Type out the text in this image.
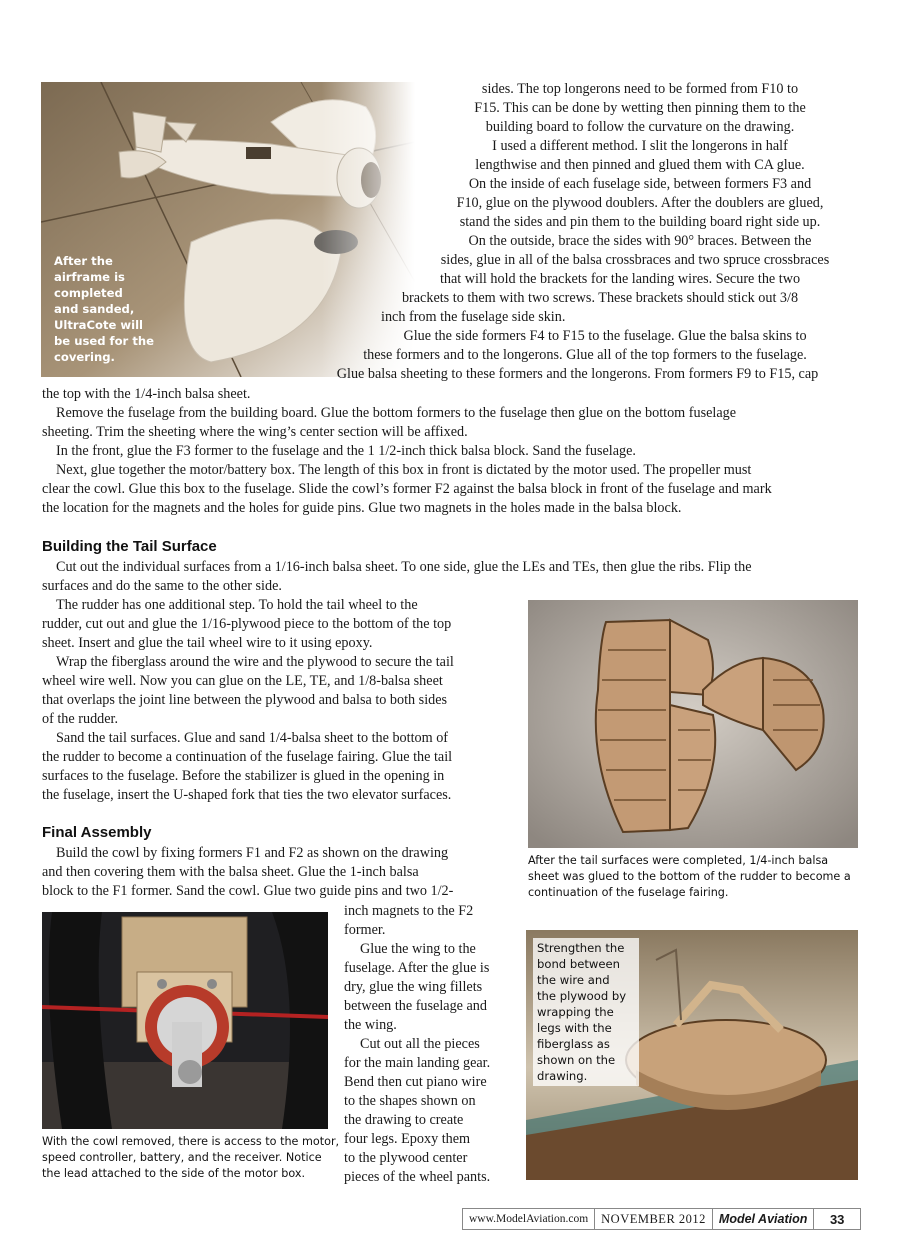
After the
airframe is
completed
and sanded,
UltraCote will
be used for the
covering.
sides. The top longerons need to be formed from F10 to
F15. This can be done by wetting then pinning them to the
building board to follow the curvature on the drawing.
I used a different method. I slit the longerons in half
lengthwise and then pinned and glued them with CA glue.
On the inside of each fuselage side, between formers F3 and
F10, glue on the plywood doublers. After the doublers are glued,
stand the sides and pin them to the building board right side up.
On the outside, brace the sides with 90° braces. Between the
sides, glue in all of the balsa crossbraces and two spruce crossbraces
that will hold the brackets for the landing wires. Secure the two
brackets to them with two screws. These brackets should stick out 3/8
inch from the fuselage side skin.
Glue the side formers F4 to F15 to the fuselage. Glue the balsa skins to
these formers and to the longerons. Glue all of the top formers to the fuselage.
Glue balsa sheeting to these formers and the longerons. From formers F9 to F15, cap
the top with the 1/4-inch balsa sheet.
Remove the fuselage from the building board. Glue the bottom formers to the fuselage then glue on the bottom fuselage
sheeting. Trim the sheeting where the wing’s center section will be affixed.
In the front, glue the F3 former to the fuselage and the 1 1/2-inch thick balsa block. Sand the fuselage.
Next, glue together the motor/battery box. The length of this box in front is dictated by the motor used. The propeller must
clear the cowl. Glue this box to the fuselage. Slide the cowl’s former F2 against the balsa block in front of the fuselage and mark
the location for the magnets and the holes for guide pins. Glue two magnets in the holes made in the balsa block.
Building the Tail Surface
Cut out the individual surfaces from a 1/16-inch balsa sheet. To one side, glue the LEs and TEs, then glue the ribs. Flip the
surfaces and do the same to the other side.
The rudder has one additional step. To hold the tail wheel to the
rudder, cut out and glue the 1/16-plywood piece to the bottom of the top
sheet. Insert and glue the tail wheel wire to it using epoxy.
Wrap the fiberglass around the wire and the plywood to secure the tail
wheel wire well. Now you can glue on the LE, TE, and 1/8-balsa sheet
that overlaps the joint line between the plywood and balsa to both sides
of the rudder.
Sand the tail surfaces. Glue and sand 1/4-balsa sheet to the bottom of
the rudder to become a continuation of the fuselage fairing. Glue the tail
surfaces to the fuselage. Before the stabilizer is glued in the opening in
the fuselage, insert the U-shaped fork that ties the two elevator surfaces.
Final Assembly
Build the cowl by fixing formers F1 and F2 as shown on the drawing
and then covering them with the balsa sheet. Glue the 1-inch balsa
block to the F1 former. Sand the cowl. Glue two guide pins and two 1/2-
inch magnets to the F2
former.
Glue the wing to the
fuselage. After the glue is
dry, glue the wing fillets
between the fuselage and
the wing.
Cut out all the pieces
for the main landing gear.
Bend then cut piano wire
to the shapes shown on
the drawing to create
four legs. Epoxy them
to the plywood center
pieces of the wheel pants.
After the tail surfaces were completed, 1/4-inch balsa
sheet was glued to the bottom of the rudder to become a
continuation of the fuselage fairing.
With the cowl removed, there is access to the motor,
speed controller, battery, and the receiver. Notice
the lead attached to the side of the motor box.
Strengthen the
bond between
the wire and
the plywood by
wrapping the
legs with the
fiberglass as
shown on the
drawing.
www.ModelAviation.com	NOVEMBER 2012	Model Aviation	33
